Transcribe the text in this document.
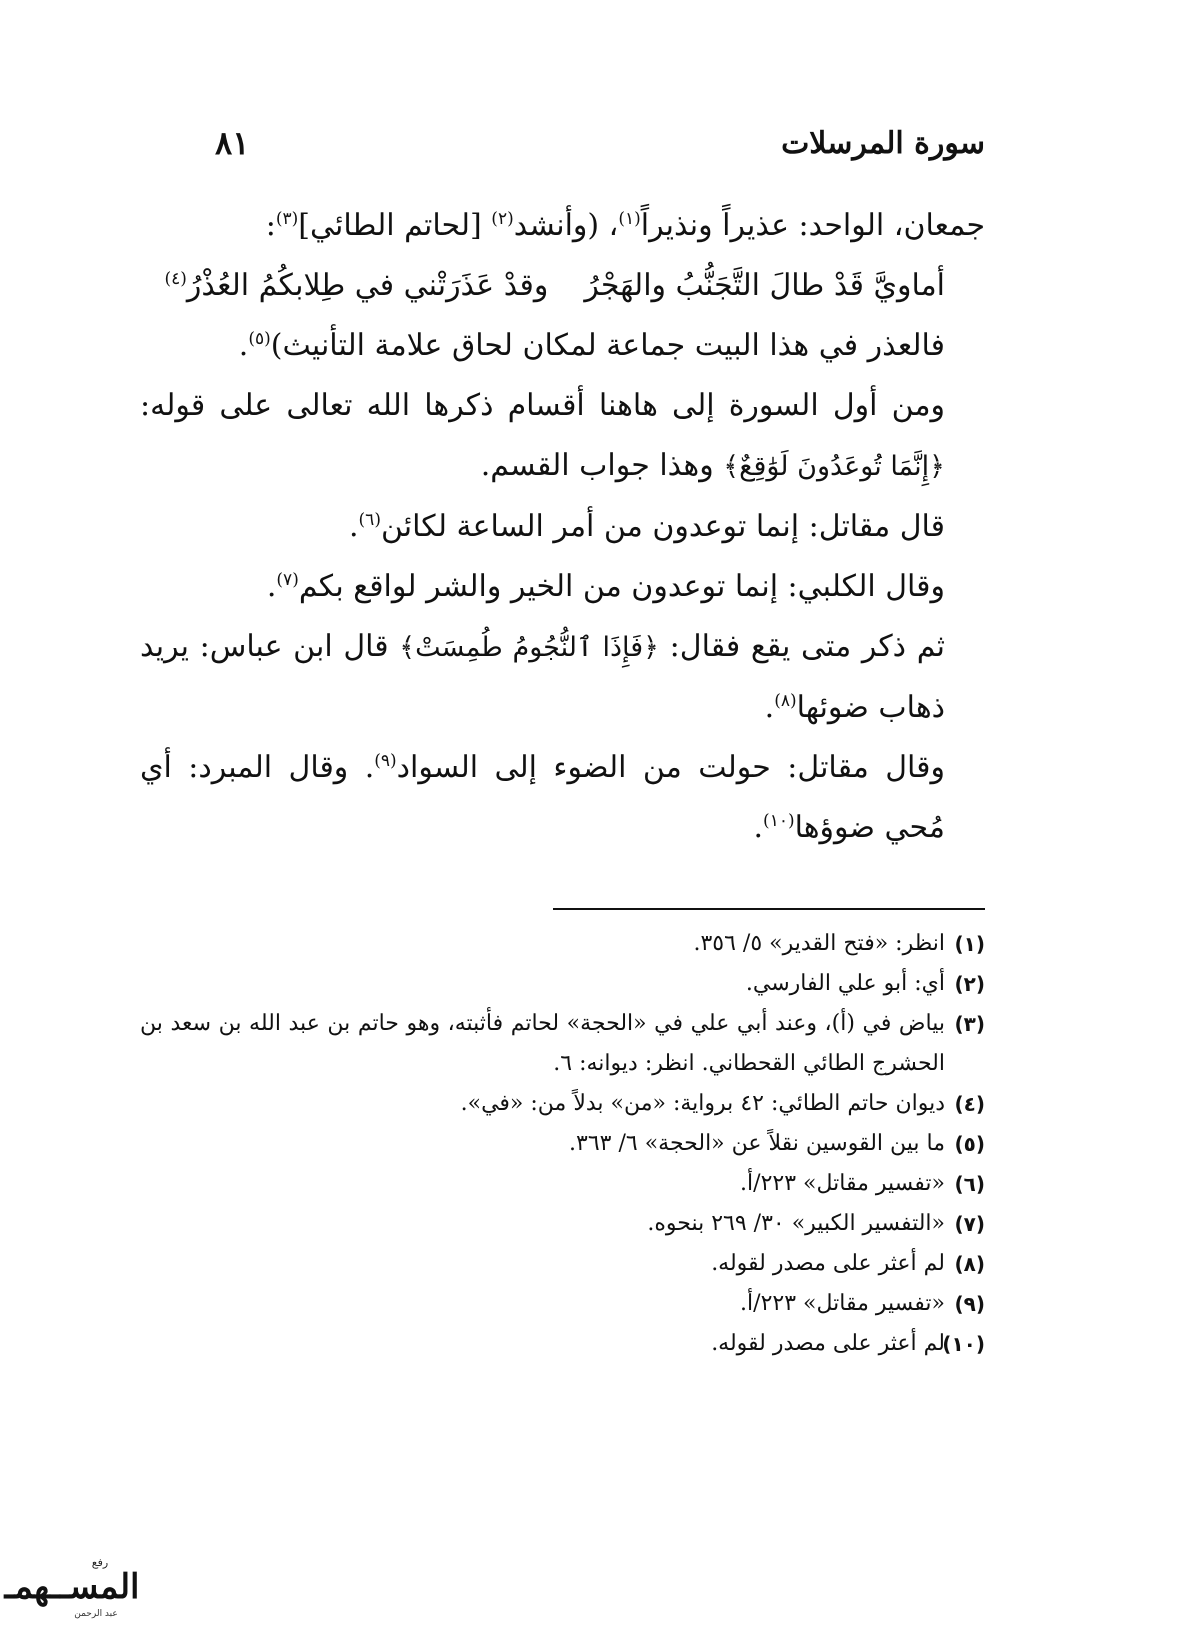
سورة المرسلات
٨١

جمعان، الواحد: عذيراً ونذيراً$^{(١)}$، (وأنشد$^{(٢)}$ [لحاتم الطائي]$^{(٣)}$:

أماويَّ قَدْ طالَ التَّجَنُّبُ والهَجْرُوقدْ عَذَرَتْني في طِلابكُمُ العُذْرُ$^{(٤)}$

فالعذر في هذا البيت جماعة لمكان لحاق علامة التأنيث)$^{(٥)}$.

ومن أول السورة إلى هاهنا أقسام ذكرها الله تعالى على قوله: ﴿إِنَّمَا تُوعَدُونَ لَوَٰقِعٌ﴾ وهذا جواب القسم.

قال مقاتل: إنما توعدون من أمر الساعة لكائن$^{(٦)}$.

وقال الكلبي: إنما توعدون من الخير والشر لواقع بكم$^{(٧)}$.

ثم ذكر متى يقع فقال: ﴿فَإِذَا ٱلنُّجُومُ طُمِسَتْ﴾ قال ابن عباس: يريد ذهاب ضوئها$^{(٨)}$.

وقال مقاتل: حولت من الضوء إلى السواد$^{(٩)}$. وقال المبرد: أي مُحي ضوؤها$^{(١٠)}$.

(١)
انظر: «فتح القدير» ٥/ ٣٥٦.
(٢)
أي: أبو علي الفارسي.
(٣)
بياض في (أ)، وعند أبي علي في «الحجة» لحاتم فأثبته، وهو حاتم بن عبد الله بن سعد بن الحشرج الطائي القحطاني. انظر: ديوانه: ٦.
(٤)
ديوان حاتم الطائي: ٤٢ برواية: «من» بدلاً من: «في».
(٥)
ما بين القوسين نقلاً عن «الحجة» ٦/ ٣٦٣.
(٦)
«تفسير مقاتل» ٢٢٣/أ.
(٧)
«التفسير الكبير» ٣٠/ ٢٦٩ بنحوه.
(٨)
لم أعثر على مصدر لقوله.
(٩)
«تفسير مقاتل» ٢٢٣/أ.
(١٠)
لم أعثر على مصدر لقوله.
رفع
المسـ‌ـهمـ
عبد الرحمن
